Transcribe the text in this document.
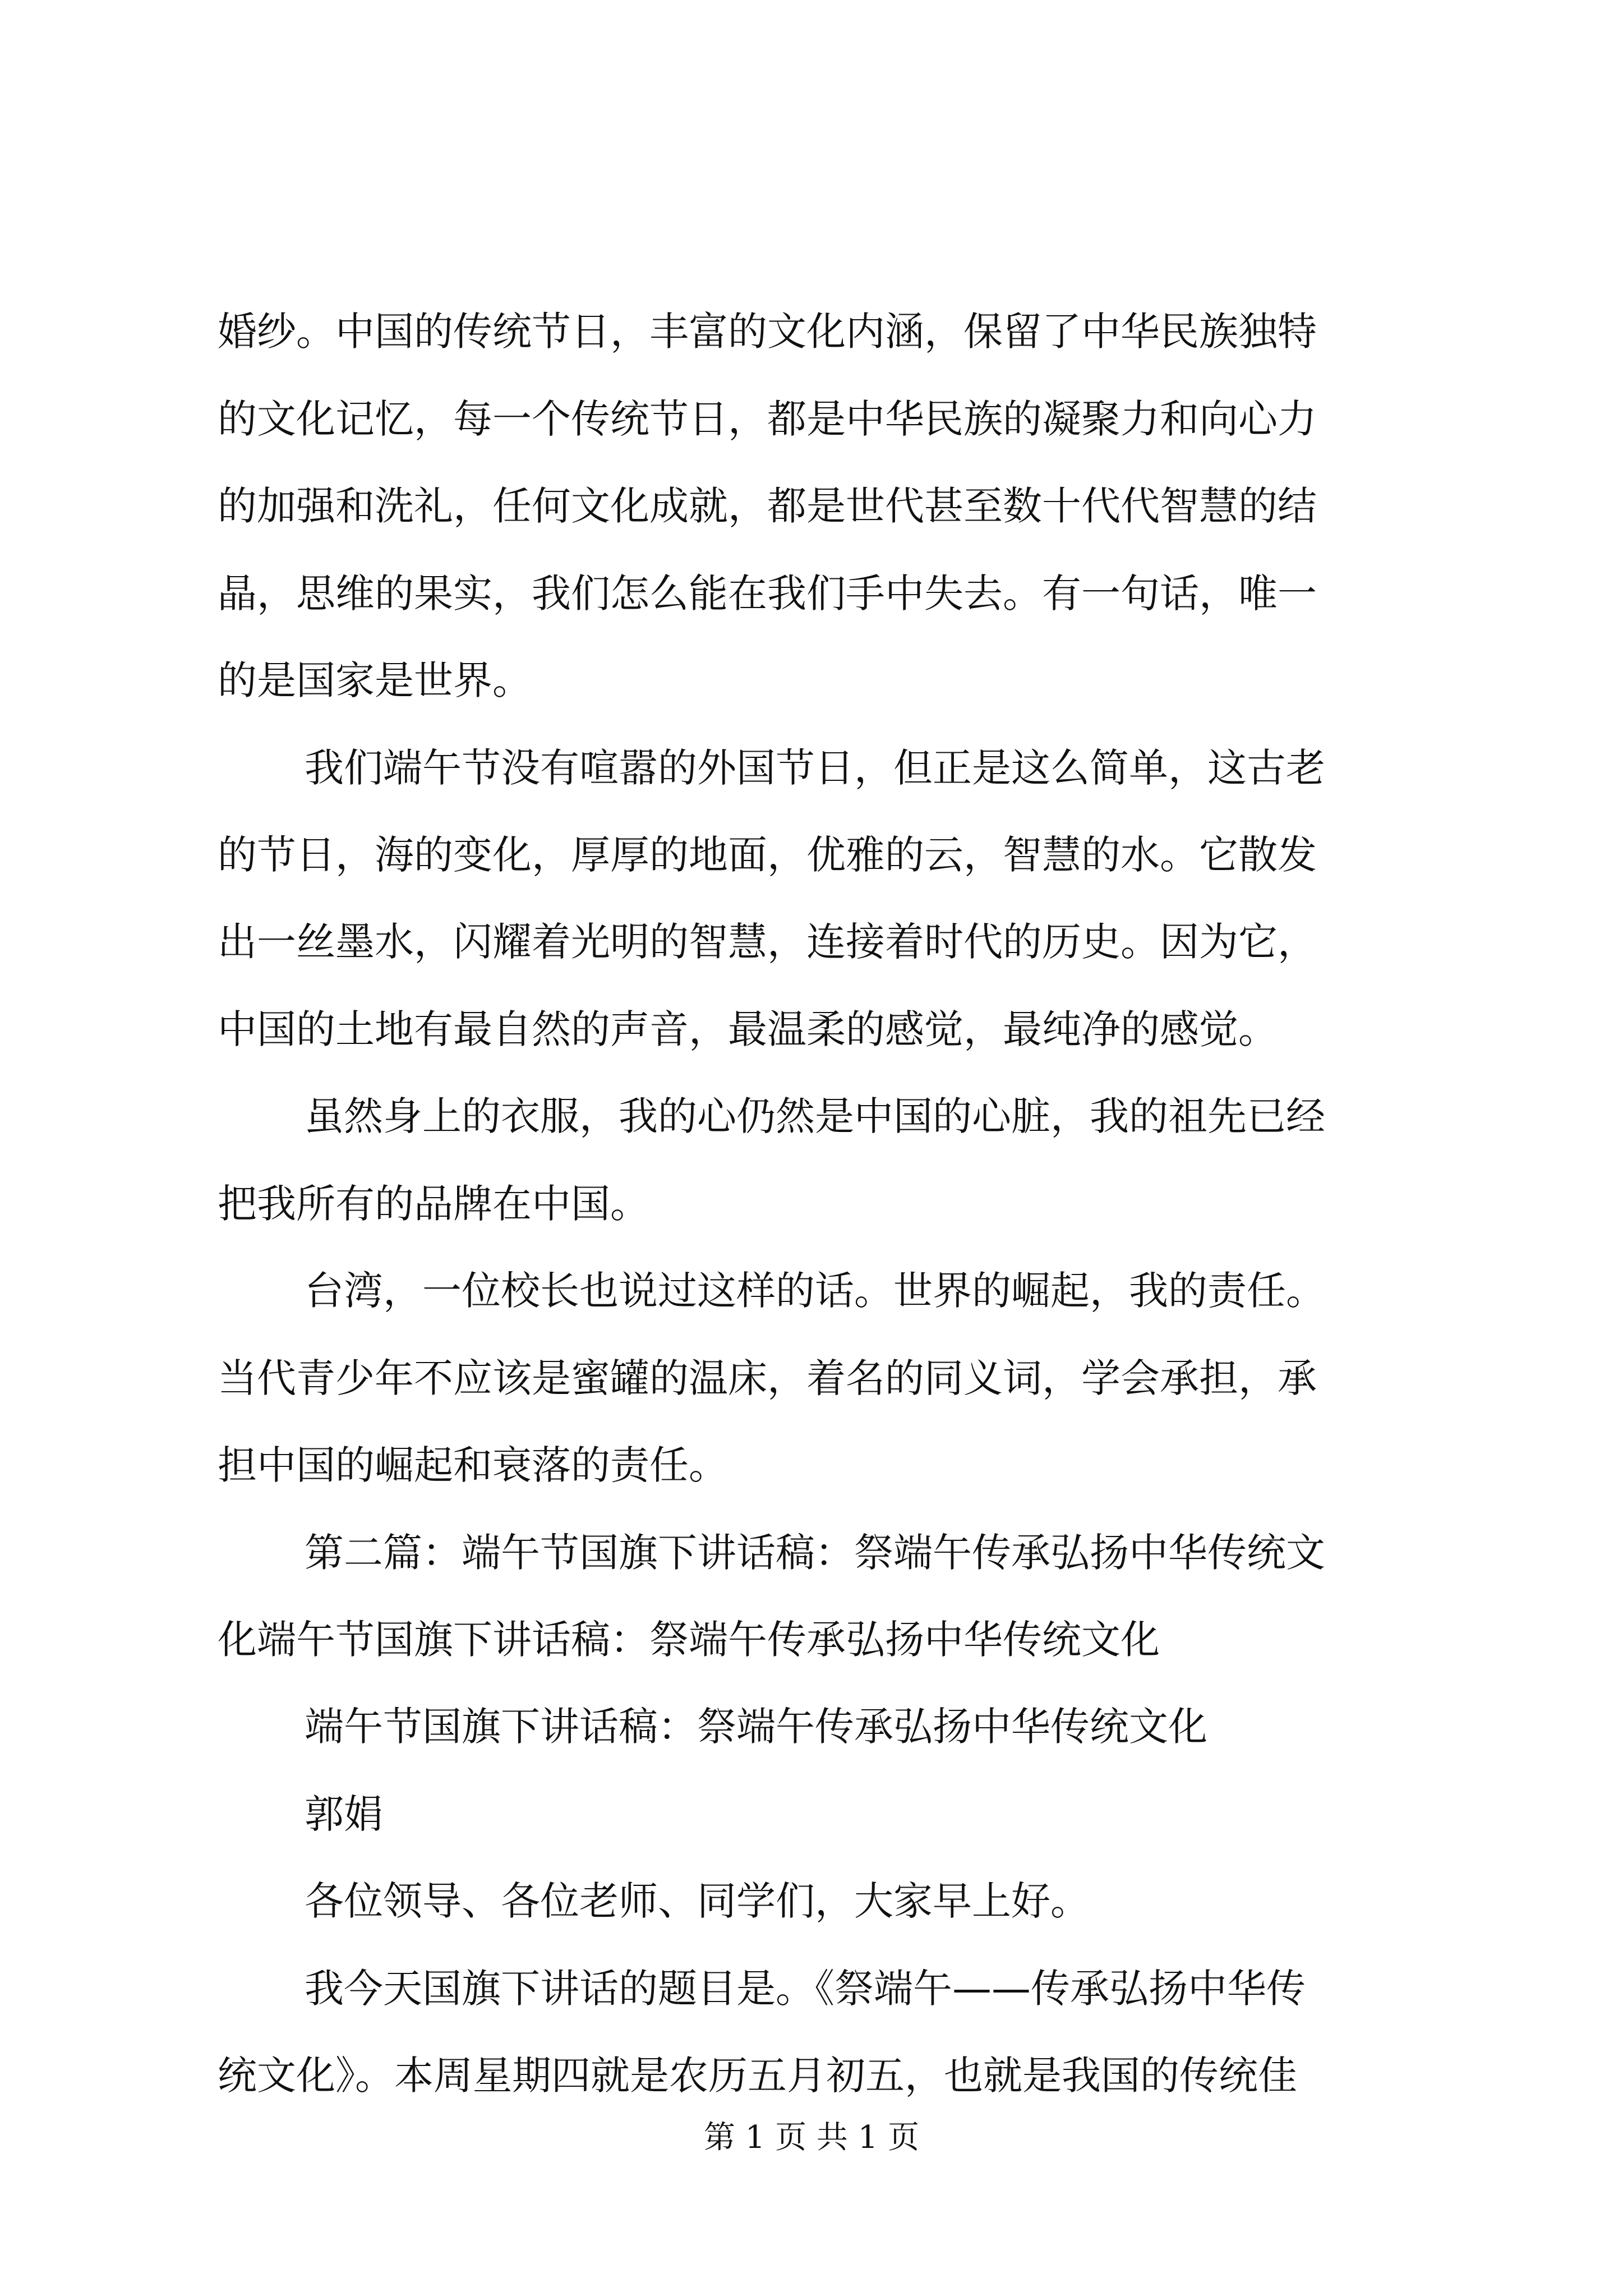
婚纱。中国的传统节日，丰富的文化内涵，保留了中华民族独特

的文化记忆，每一个传统节日，都是中华民族的凝聚力和向心力

的加强和洗礼，任何文化成就，都是世代甚至数十代代智慧的结

晶，思维的果实，我们怎么能在我们手中失去。有一句话，唯一

的是国家是世界。

我们端午节没有喧嚣的外国节日，但正是这么简单，这古老

的节日，海的变化，厚厚的地面，优雅的云，智慧的水。它散发

出一丝墨水，闪耀着光明的智慧，连接着时代的历史。因为它，

中国的土地有最自然的声音，最温柔的感觉，最纯净的感觉。

虽然身上的衣服，我的心仍然是中国的心脏，我的祖先已经

把我所有的品牌在中国。

台湾，一位校长也说过这样的话。世界的崛起，我的责任。

当代青少年不应该是蜜罐的温床，着名的同义词，学会承担，承

担中国的崛起和衰落的责任。

第二篇：端午节国旗下讲话稿：祭端午传承弘扬中华传统文

化端午节国旗下讲话稿：祭端午传承弘扬中华传统文化

端午节国旗下讲话稿：祭端午传承弘扬中华传统文化

郭娟

各位领导、各位老师、同学们，大家早上好。

我今天国旗下讲话的题目是。《祭端午——传承弘扬中华传

统文化》。本周星期四就是农历五月初五，也就是我国的传统佳

第 1 页 共 1 页
